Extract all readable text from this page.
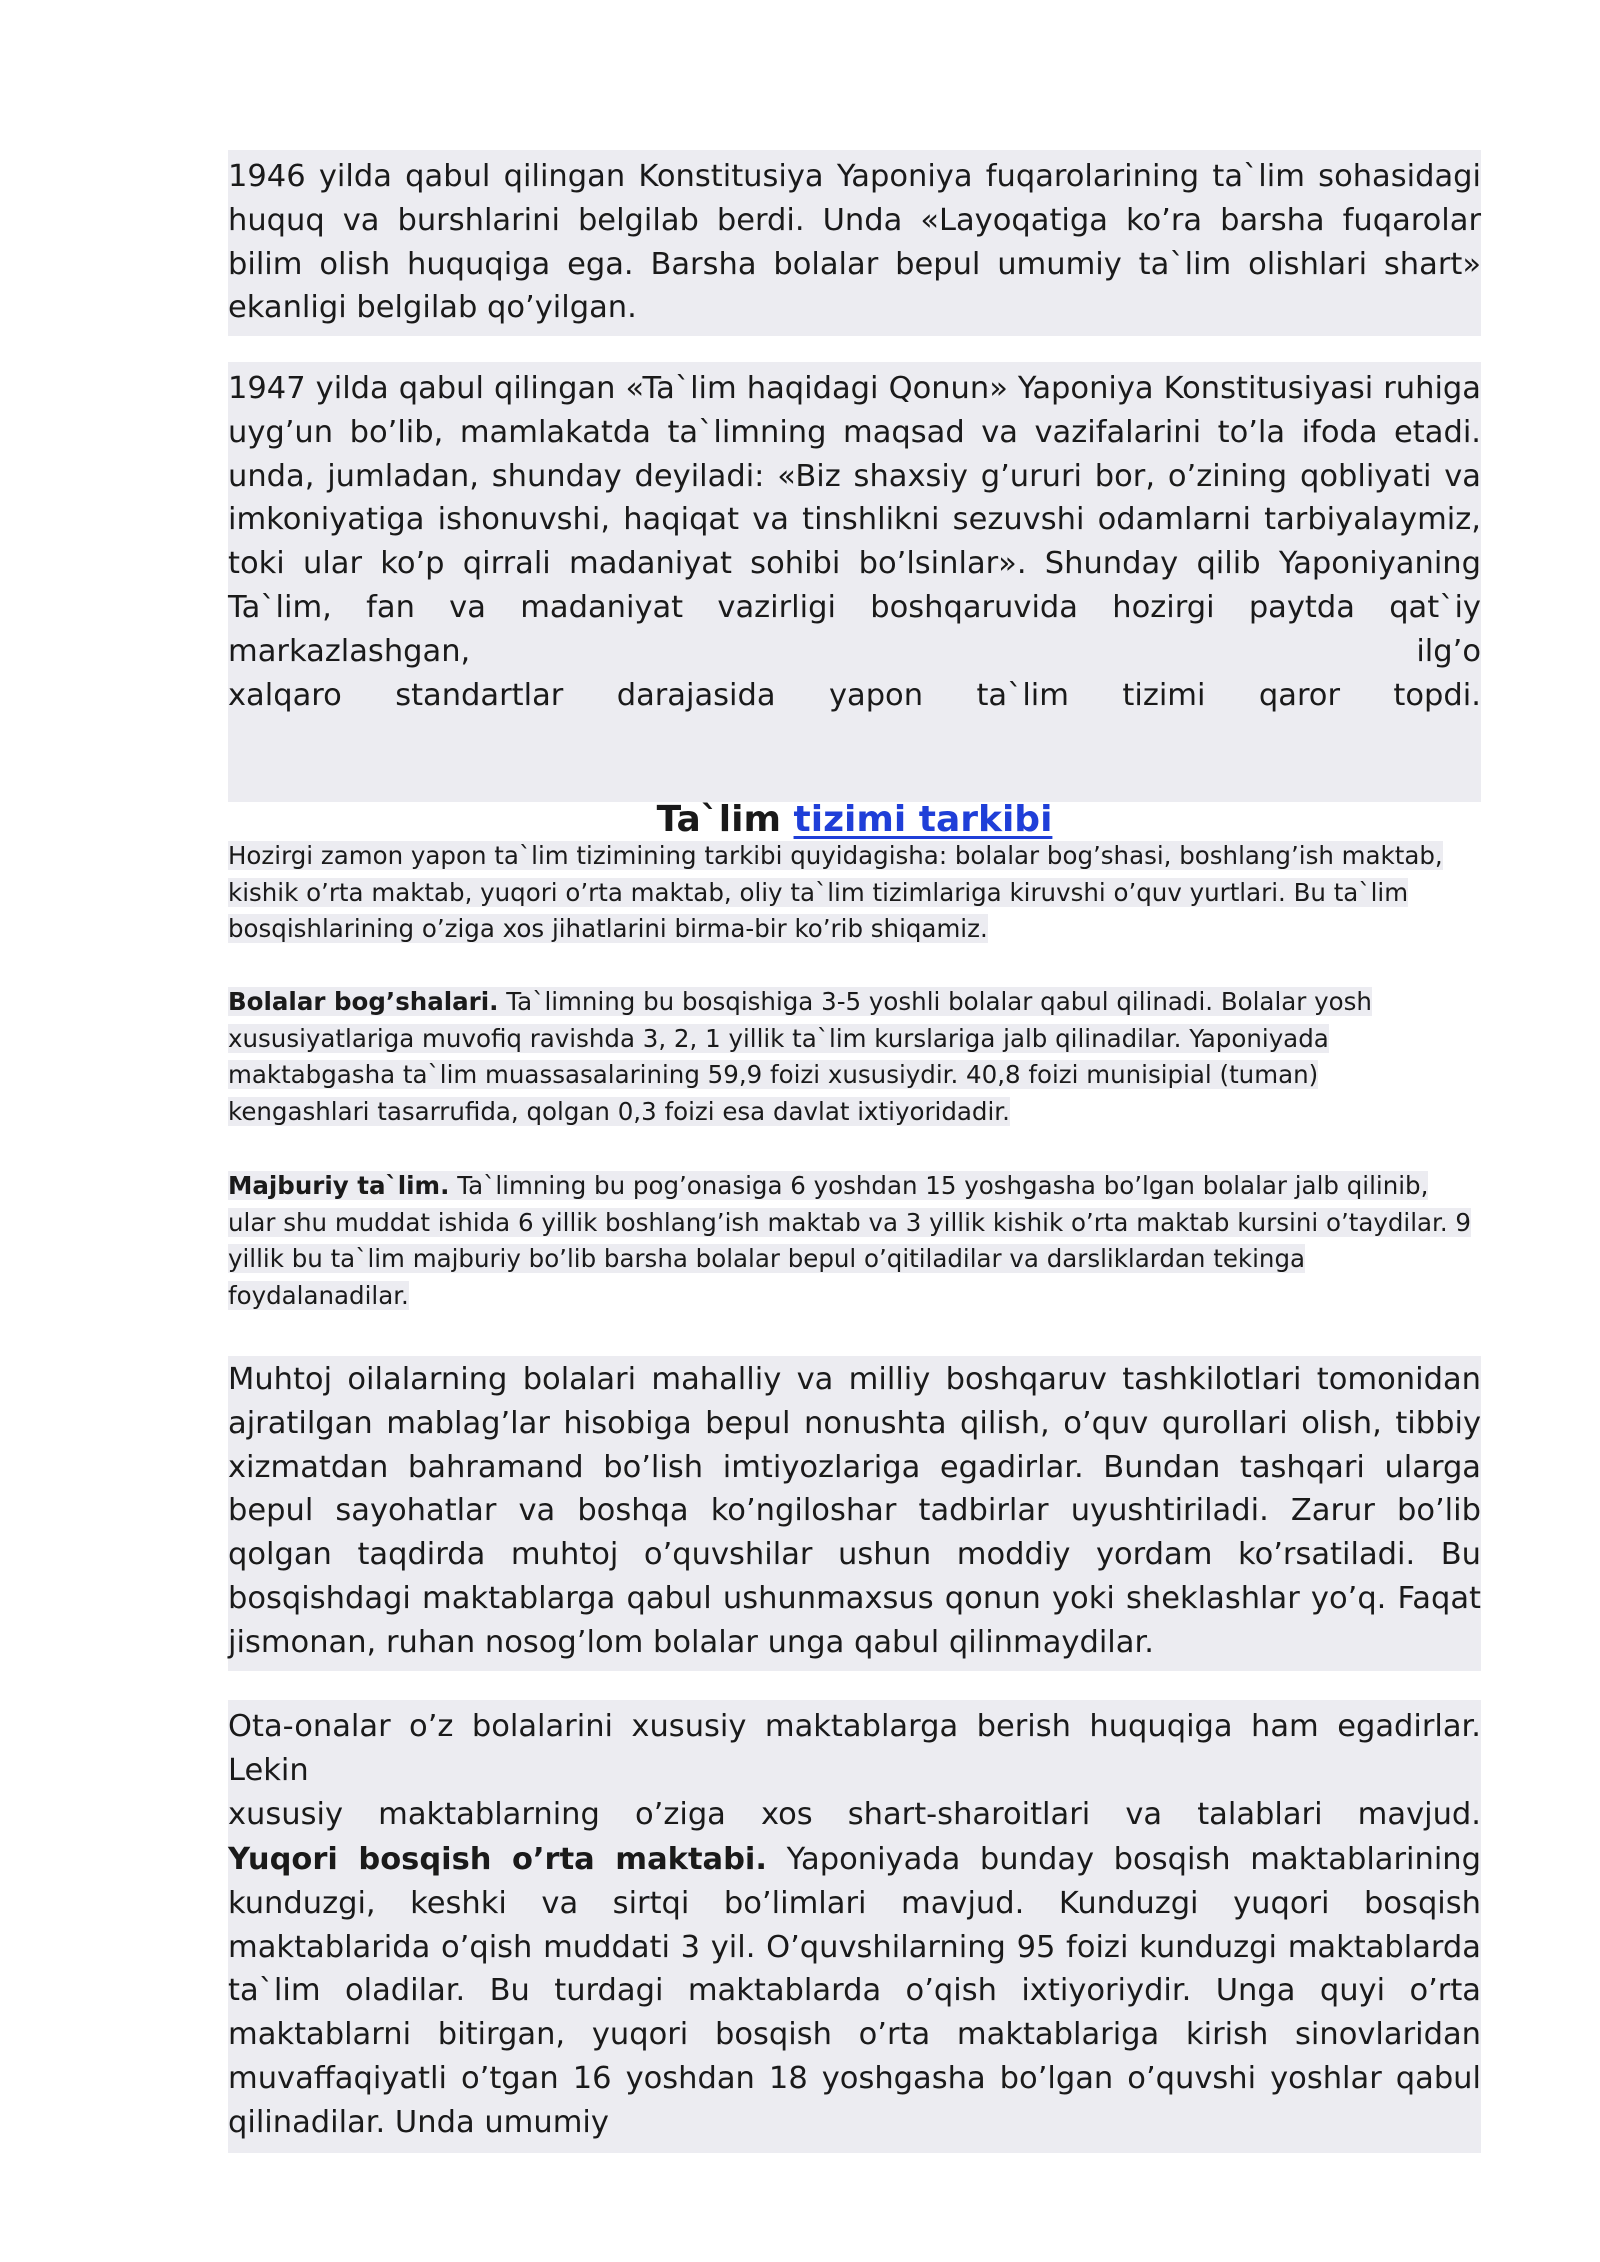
1946 yilda qabul qilingan Konstitusiya Yaponiya fuqarolarining ta`lim sohasidagi huquq va burshlarini belgilab berdi. Unda «Layoqatiga ko’ra barsha fuqarolar bilim olish huquqiga ega. Barsha bolalar bepul umumiy ta`lim olishlari shart» ekanligi belgilab qo’yilgan.

1947 yilda qabul qilingan «Ta`lim haqidagi Qonun» Yaponiya Konstitusiyasi ruhiga uyg’un bo’lib, mamlakatda ta`limning maqsad va vazifalarini to’la ifoda etadi. unda, jumladan, shunday deyiladi: «Biz shaxsiy g’ururi bor, o’zining qobliyati va imkoniyatiga ishonuvshi, haqiqat va tinshlikni sezuvshi odamlarni tarbiyalaymiz, toki ular ko’p qirrali madaniyat sohibi bo’lsinlar». Shunday qilib Yaponiyaning Ta`lim, fan va madaniyat vazirligi boshqaruvida hozirgi paytda qat`iy markazlashgan, ilg’o

xalqaro standartlar darajasida yapon ta`lim tizimi qaror topdi.
Ta`lim tizimi tarkibi

Hozirgi zamon yapon ta`lim tizimining tarkibi quyidagisha: bolalar bog’shasi, boshlang’ish maktab,
kishik o’rta maktab, yuqori o’rta maktab, oliy ta`lim tizimlariga kiruvshi o’quv yurtlari. Bu ta`lim
bosqishlarining o’ziga xos jihatlarini birma-bir ko’rib shiqamiz.

Bolalar bog’shalari. Ta`limning bu bosqishiga 3-5 yoshli bolalar qabul qilinadi. Bolalar yosh
xususiyatlariga muvofiq ravishda 3, 2, 1 yillik ta`lim kurslariga jalb qilinadilar. Yaponiyada
maktabgasha ta`lim muassasalarining 59,9 foizi xususiydir. 40,8 foizi munisipial (tuman)
kengashlari tasarrufida, qolgan 0,3 foizi esa davlat ixtiyoridadir.

Majburiy ta`lim. Ta`limning bu pog’onasiga 6 yoshdan 15 yoshgasha bo’lgan bolalar jalb qilinib,
ular shu muddat ishida 6 yillik boshlang’ish maktab va 3 yillik kishik o’rta maktab kursini o’taydilar. 9
yillik bu ta`lim majburiy bo’lib barsha bolalar bepul o’qitiladilar va darsliklardan tekinga
foydalanadilar.

Muhtoj oilalarning bolalari mahalliy va milliy boshqaruv tashkilotlari tomonidan ajratilgan mablag’lar hisobiga bepul nonushta qilish, o’quv qurollari olish, tibbiy xizmatdan bahramand bo’lish imtiyozlariga egadirlar. Bundan tashqari ularga bepul sayohatlar va boshqa ko’ngiloshar tadbirlar uyushtiriladi. Zarur bo’lib qolgan taqdirda muhtoj o’quvshilar ushun moddiy yordam ko’rsatiladi. Bu bosqishdagi maktablarga qabul ushunmaxsus qonun yoki sheklashlar yo’q. Faqat jismonan, ruhan nosog’lom bolalar unga qabul qilinmaydilar.

Ota-onalar o’z bolalarini xususiy maktablarga berish huquqiga ham egadirlar. Lekin

xususiy maktablarning o’ziga xos shart-sharoitlari va talablari mavjud.

Yuqori bosqish o’rta maktabi. Yaponiyada bunday bosqish maktablarining kunduzgi, keshki va sirtqi bo’limlari mavjud. Kunduzgi yuqori bosqish maktablarida o’qish muddati 3 yil. O’quvshilarning 95 foizi kunduzgi maktablarda ta`lim oladilar. Bu turdagi maktablarda o’qish ixtiyoriydir. Unga quyi o’rta maktablarni bitirgan, yuqori bosqish o’rta maktablariga kirish sinovlaridan muvaffaqiyatli o’tgan 16 yoshdan 18 yoshgasha bo’lgan o’quvshi yoshlar qabul qilinadilar. Unda umumiy
